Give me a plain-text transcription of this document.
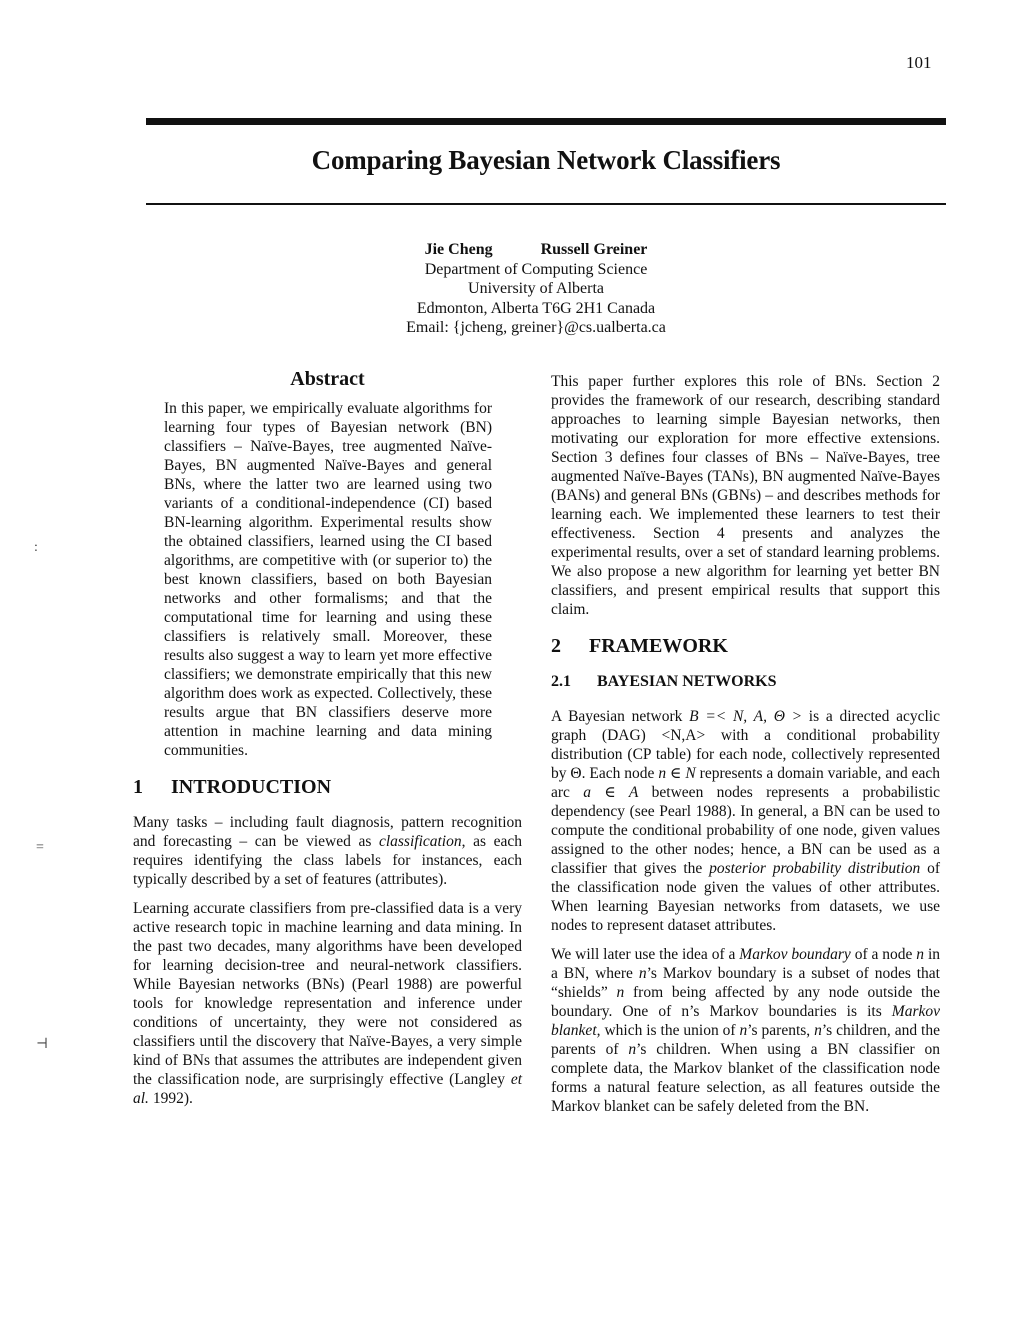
101
Comparing Bayesian Network Classifiers
Jie Cheng	Russell Greiner
Department of Computing Science
University of Alberta
Edmonton, Alberta T6G 2H1 Canada
Email: {jcheng, greiner}@cs.ualberta.ca
Abstract

In this paper, we empirically evaluate algorithms for learning four types of Bayesian network (BN) classifiers – Naïve-Bayes, tree augmented Naïve-Bayes, BN augmented Naïve-Bayes and general BNs, where the latter two are learned using two variants of a conditional-independence (CI) based BN-learning algorithm. Experimental results show the obtained classifiers, learned using the CI based algorithms, are competitive with (or superior to) the best known classifiers, based on both Bayesian networks and other formalisms; and that the computational time for learning and using these classifiers is relatively small. Moreover, these results also suggest a way to learn yet more effective classifiers; we demonstrate empirically that this new algorithm does work as expected. Collectively, these results argue that BN classifiers deserve more attention in machine learning and data mining communities.

1 INTRODUCTION

Many tasks – including fault diagnosis, pattern recognition and forecasting – can be viewed as classification, as each requires identifying the class labels for instances, each typically described by a set of features (attributes).

Learning accurate classifiers from pre-classified data is a very active research topic in machine learning and data mining. In the past two decades, many algorithms have been developed for learning decision-tree and neural-network classifiers. While Bayesian networks (BNs) (Pearl 1988) are powerful tools for knowledge representation and inference under conditions of uncertainty, they were not considered as classifiers until the discovery that Naïve-Bayes, a very simple kind of BNs that assumes the attributes are independent given the classification node, are surprisingly effective (Langley et al. 1992).

This paper further explores this role of BNs. Section 2 provides the framework of our research, describing standard approaches to learning simple Bayesian networks, then motivating our exploration for more effective extensions. Section 3 defines four classes of BNs – Naïve-Bayes, tree augmented Naïve-Bayes (TANs), BN augmented Naïve-Bayes (BANs) and general BNs (GBNs) – and describes methods for learning each. We implemented these learners to test their effectiveness. Section 4 presents and analyzes the experimental results, over a set of standard learning problems. We also propose a new algorithm for learning yet better BN classifiers, and present empirical results that support this claim.

2 FRAMEWORK
2.1 BAYESIAN NETWORKS

A Bayesian network B =< N, A, Θ > is a directed acyclic graph (DAG) <N,A> with a conditional probability distribution (CP table) for each node, collectively represented by Θ. Each node n ∈ N represents a domain variable, and each arc a ∈ A between nodes represents a probabilistic dependency (see Pearl 1988). In general, a BN can be used to compute the conditional probability of one node, given values assigned to the other nodes; hence, a BN can be used as a classifier that gives the posterior probability distribution of the classification node given the values of other attributes. When learning Bayesian networks from datasets, we use nodes to represent dataset attributes.

We will later use the idea of a Markov boundary of a node n in a BN, where n’s Markov boundary is a subset of nodes that “shields” n from being affected by any node outside the boundary. One of n’s Markov boundaries is its Markov blanket, which is the union of n’s parents, n’s children, and the parents of n’s children. When using a BN classifier on complete data, the Markov blanket of the classification node forms a natural feature selection, as all features outside the Markov blanket can be safely deleted from the BN.

:
=
⊣
